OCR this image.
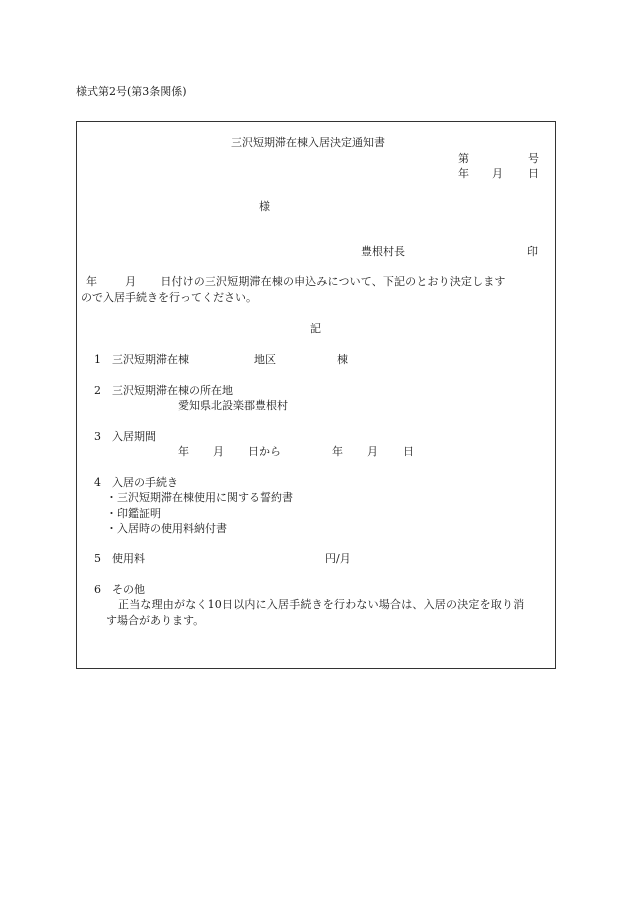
様式第2号(第3条関係)
三沢短期滞在棟入居決定通知書
第	号
年 月 日
様
豊根村長	印
年	月 日付けの三沢短期滞在棟の申込みについて、下記のとおり決定します
ので入居手続きを行ってください。
記
1 三沢短期滞在棟	地区	棟
2 三沢短期滞在棟の所在地
愛知県北設楽郡豊根村
3 入居期間
年 月 日から	年 月 日
4 入居の手続き
・三沢短期滞在棟使用に関する誓約書
・印鑑証明
・入居時の使用料納付書
5 使用料	円/月
6 その他
正当な理由がなく10日以内に入居手続きを行わない場合は、入居の決定を取り消
す場合があります。
